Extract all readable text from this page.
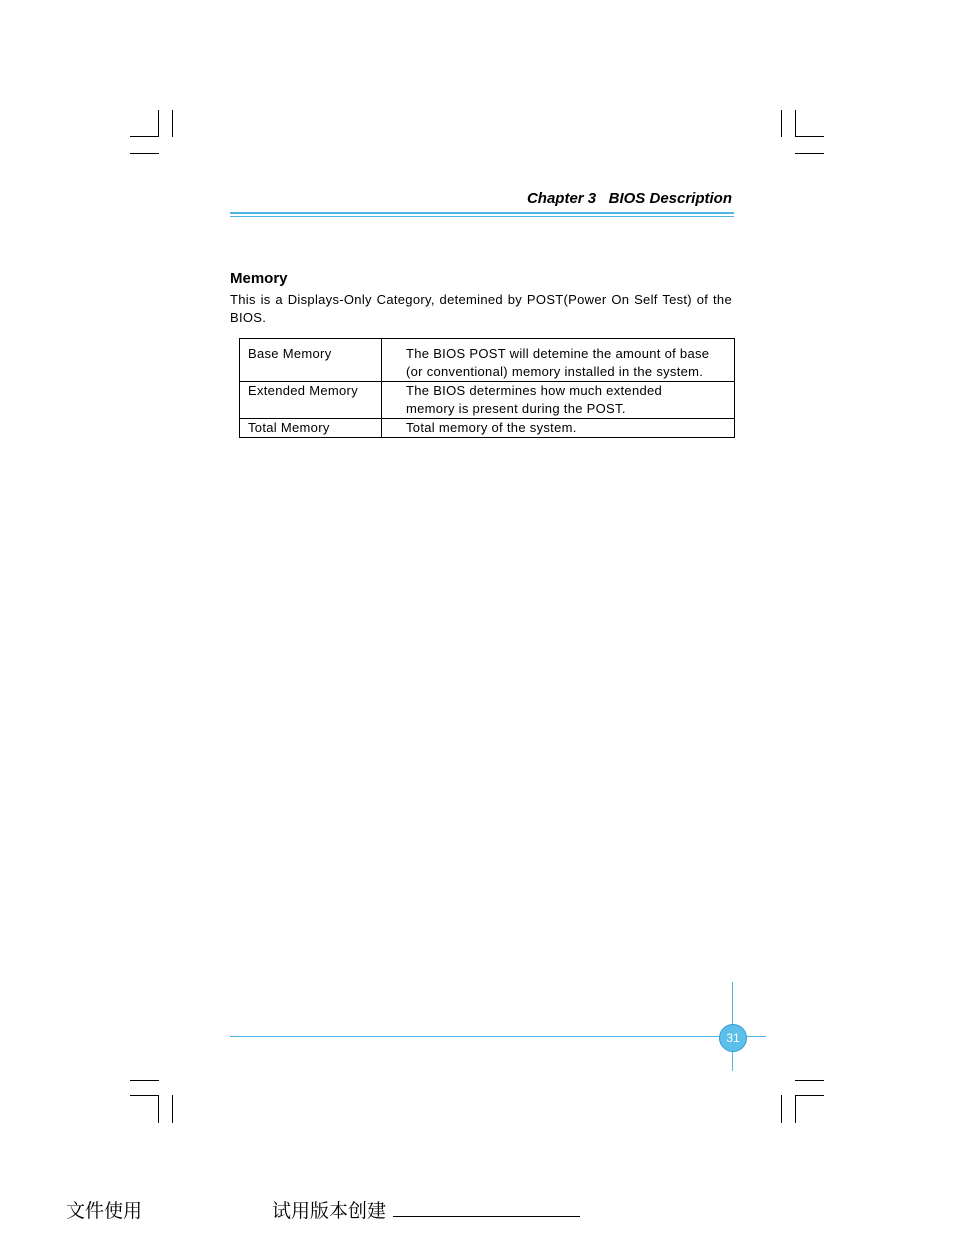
Chapter 3   BIOS Description
Memory
This is a Displays-Only Category, detemined by POST(Power On Self Test) of the BIOS.
Base Memory	The BIOS POST will detemine the amount of base
(or conventional) memory installed in the system.

Extended Memory	The BIOS determines how much extended
memory is present during the POST.

Total Memory	Total memory of the system.
31
文件使用	试用版本创建
